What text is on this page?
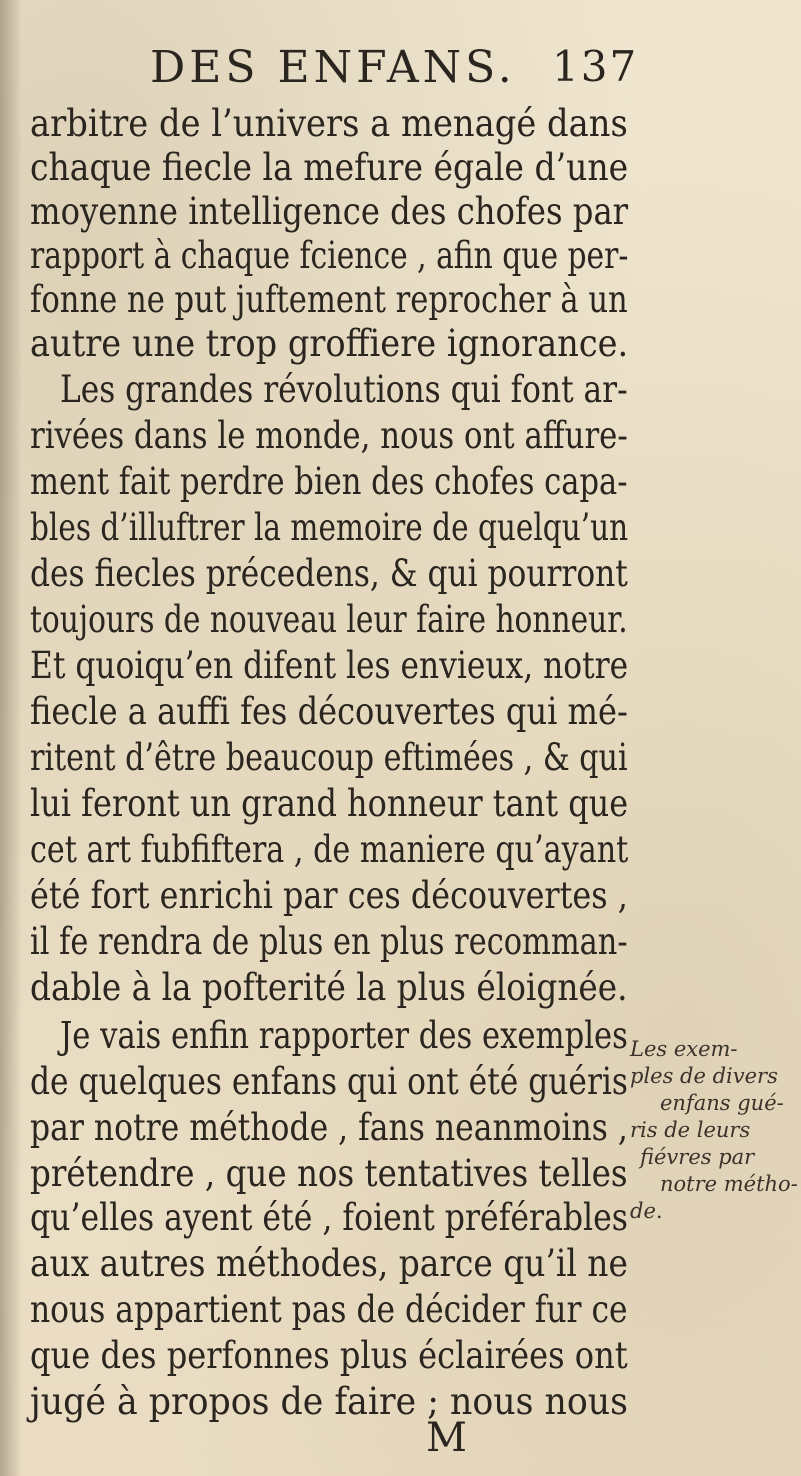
DES ENFANS. 137
arbitre de l’univers a menagé dans
chaque fiecle la mefure égale d’une
moyenne intelligence des chofes par
rapport à chaque fcience , afin que per-
fonne ne put juftement reprocher à un
autre une trop groffiere ignorance.
Les grandes révolutions qui font ar-
rivées dans le monde, nous ont affure-
ment fait perdre bien des chofes capa-
bles d’illuftrer la memoire de quelqu’un
des fiecles précedens, & qui pourront
toujours de nouveau leur faire honneur.
Et quoiqu’en difent les envieux, notre
fiecle a auffi fes découvertes qui mé-
ritent d’être beaucoup eftimées , & qui
lui feront un grand honneur tant que
cet art fubfiftera , de maniere qu’ayant
été fort enrichi par ces découvertes ,
il fe rendra de plus en plus recomman-
dable à la pofterité la plus éloignée.
Je vais enfin rapporter des exemples
de quelques enfans qui ont été guéris
par notre méthode , fans neanmoins ,
prétendre , que nos tentatives telles
qu’elles ayent été , foient préférables
aux autres méthodes, parce qu’il ne
nous appartient pas de décider fur ce
que des perfonnes plus éclairées ont
jugé à propos de faire ; nous nous
M
Les exem-
ples de divers
enfans gué-
ris de leurs
fiévres par
notre métho-
de.
